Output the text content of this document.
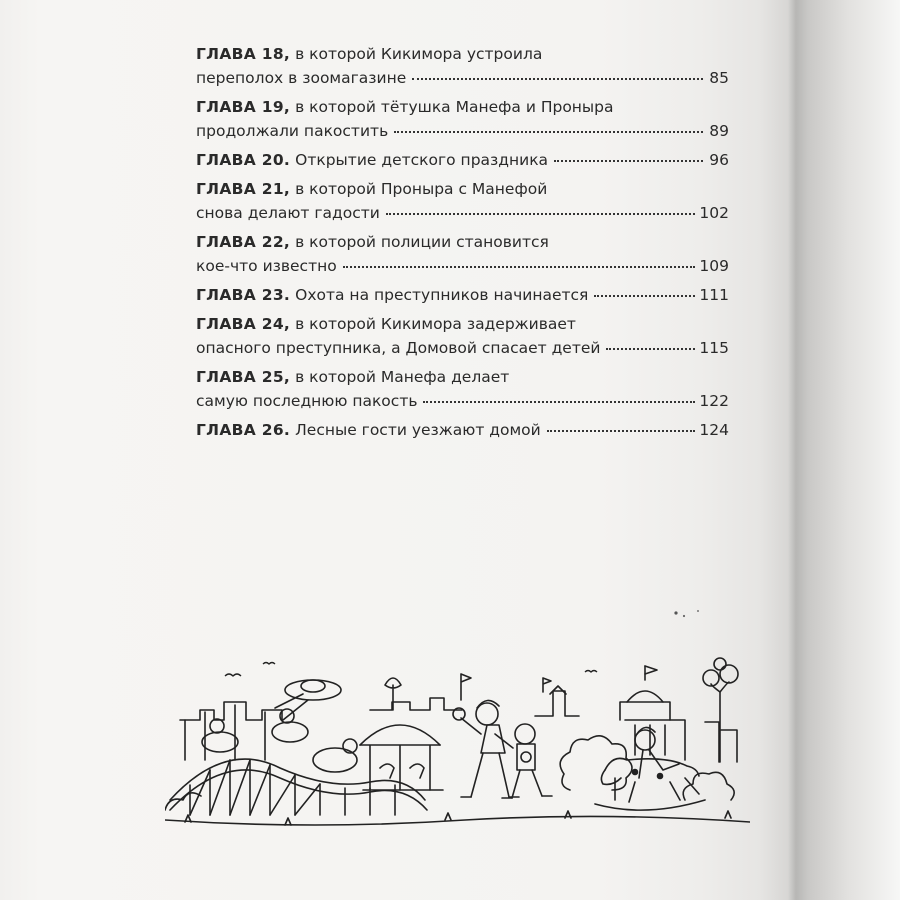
ГЛАВА 18, в которой Кикимора устроила
переполох в зоомагазине	85
ГЛАВА 19, в которой тётушка Манефа и Проныра
продолжали пакостить	89
ГЛАВА 20. Открытие детского праздника	96
ГЛАВА 21, в которой Проныра с Манефой
снова делают гадости	102
ГЛАВА 22, в которой полиции становится
кое-что известно	109
ГЛАВА 23. Охота на преступников начинается	111
ГЛАВА 24, в которой Кикимора задерживает
опасного преступника, а Домовой спасает детей	115
ГЛАВА 25, в которой Манефа делает
самую последнюю пакость	122
ГЛАВА 26. Лесные гости уезжают домой	124
